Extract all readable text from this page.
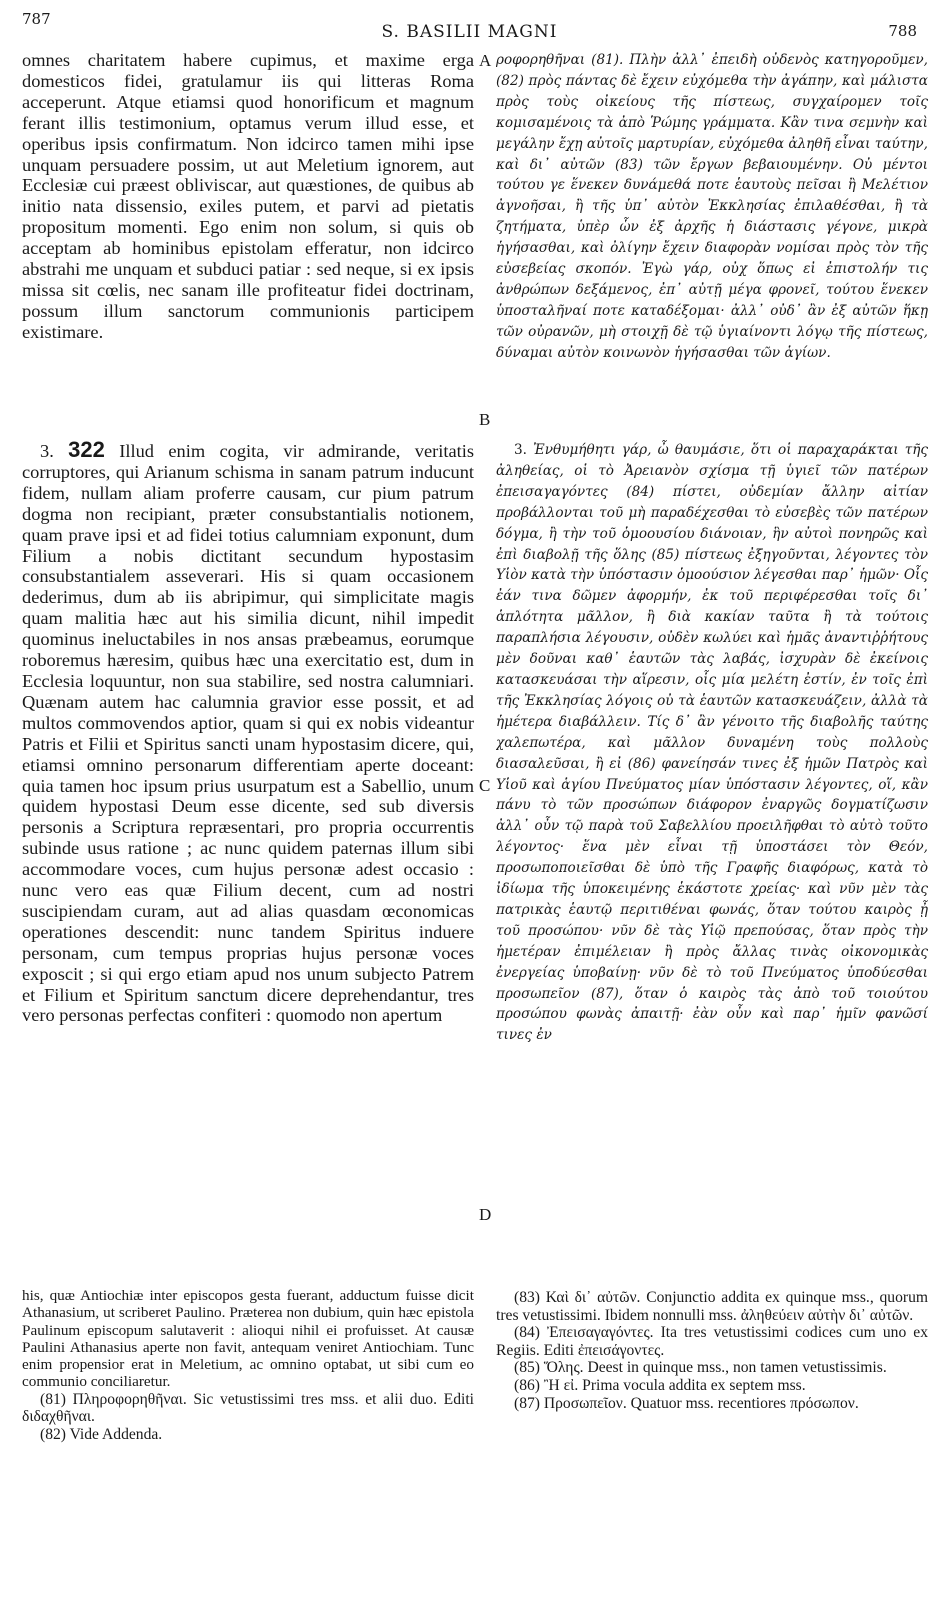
787
S. BASILII MAGNI	788
omnes charitatem habere cupimus, et maxime erga domesticos fidei, gratulamur iis qui litteras Roma acceperunt. Atque etiamsi quod honorificum et magnum ferant illis testimonium, optamus verum illud esse, et operibus ipsis confirmatum. Non idcirco tamen mihi ipse unquam persuadere possim, ut aut Meletium ignorem, aut Ecclesiæ cui præest obliviscar, aut quæstiones, de quibus ab initio nata dissensio, exiles putem, et parvi ad pietatis propositum momenti. Ego enim non solum, si quis ob acceptam ab hominibus epistolam efferatur, non idcirco abstrahi me unquam et subduci patiar : sed neque, si ex ipsis missa sit cœlis, nec sanam ille profiteatur fidei doctrinam, possum illum sanctorum communionis participem existimare.
3. 322 Illud enim cogita, vir admirande, veritatis corruptores, qui Arianum schisma in sanam patrum inducunt fidem, nullam aliam proferre causam, cur pium patrum dogma non recipiant, præter consubstantialis notionem, quam prave ipsi et ad fidei totius calumniam exponunt, dum Filium a nobis dictitant secundum hypostasim consubstantialem asseverari. His si quam occasionem dederimus, dum ab iis abripimur, qui simplicitate magis quam malitia hæc aut his similia dicunt, nihil impedit quominus ineluctabiles in nos ansas præbeamus, eorumque roboremus hæresim, quibus hæc una exercitatio est, dum in Ecclesia loquuntur, non sua stabilire, sed nostra calumniari. Quænam autem hac calumnia gravior esse possit, et ad multos commovendos aptior, quam si qui ex nobis videantur Patris et Filii et Spiritus sancti unam hypostasim dicere, qui, etiamsi omnino personarum differentiam aperte doceant: quia tamen hoc ipsum prius usurpatum est a Sabellio, unum quidem hypostasi Deum esse dicente, sed sub diversis personis a Scriptura repræsentari, pro propria occurrentis subinde usus ratione ; ac nunc quidem paternas illum sibi accommodare voces, cum hujus personæ adest occasio : nunc vero eas quæ Filium decent, cum ad nostri suscipiendam curam, aut ad alias quasdam œconomicas operationes descendit: nunc tandem Spiritus induere personam, cum tempus proprias hujus personæ voces exposcit ; si qui ergo etiam apud nos unum subjecto Patrem et Filium et Spiritum sanctum dicere deprehendantur, tres vero personas perfectas confiteri : quomodo non apertum
A
B
C
D
ροφορηθῆναι (81). Πλὴν ἀλλ᾽ ἐπειδὴ οὐδενὸς κατηγοροῦμεν, (82) πρὸς πάντας δὲ ἔχειν εὐχόμεθα τὴν ἀγάπην, καὶ μάλιστα πρὸς τοὺς οἰκείους τῆς πίστεως, συγχαίρομεν τοῖς κομισαμένοις τὰ ἀπὸ Ῥώμης γράμματα. Κἂν τινα σεμνὴν καὶ μεγάλην ἔχῃ αὐτοῖς μαρτυρίαν, εὐχόμεθα ἀληθῆ εἶναι ταύτην, καὶ δι᾽ αὐτῶν (83) τῶν ἔργων βεβαιουμένην. Οὐ μέντοι τούτου γε ἕνεκεν δυνάμεθά ποτε ἑαυτοὺς πεῖσαι ἢ Μελέτιον ἀγνοῆσαι, ἢ τῆς ὑπ᾽ αὐτὸν Ἐκκλησίας ἐπιλαθέσθαι, ἢ τὰ ζητήματα, ὑπὲρ ὧν ἐξ ἀρχῆς ἡ διάστασις γέγονε, μικρὰ ἡγήσασθαι, καὶ ὀλίγην ἔχειν διαφορὰν νομίσαι πρὸς τὸν τῆς εὐσεβείας σκοπόν. Ἐγὼ γάρ, οὐχ ὅπως εἰ ἐπιστολήν τις ἀνθρώπων δεξάμενος, ἐπ᾽ αὐτῇ μέγα φρονεῖ, τούτου ἕνεκεν ὑποσταλῆναί ποτε καταδέξομαι· ἀλλ᾽ οὐδ᾽ ἂν ἐξ αὐτῶν ἥκῃ τῶν οὐρανῶν, μὴ στοιχῇ δὲ τῷ ὑγιαίνοντι λόγῳ τῆς πίστεως, δύναμαι αὐτὸν κοινωνὸν ἡγήσασθαι τῶν ἁγίων.
3. Ἐνθυμήθητι γάρ, ὦ θαυμάσιε, ὅτι οἱ παραχαράκται τῆς ἀληθείας, οἱ τὸ Ἀρειανὸν σχίσμα τῇ ὑγιεῖ τῶν πατέρων ἐπεισαγαγόντες (84) πίστει, οὐδεμίαν ἄλλην αἰτίαν προβάλλονται τοῦ μὴ παραδέχεσθαι τὸ εὐσεβὲς τῶν πατέρων δόγμα, ἢ τὴν τοῦ ὁμοουσίου διάνοιαν, ἣν αὐτοὶ πονηρῶς καὶ ἐπὶ διαβολῇ τῆς ὅλης (85) πίστεως ἐξηγοῦνται, λέγοντες τὸν Υἱὸν κατὰ τὴν ὑπόστασιν ὁμοούσιον λέγεσθαι παρ᾽ ἡμῶν· Οἷς ἐάν τινα δῶμεν ἀφορμήν, ἐκ τοῦ περιφέρεσθαι τοῖς δι᾽ ἁπλότητα μᾶλλον, ἢ διὰ κακίαν ταῦτα ἢ τὰ τούτοις παραπλήσια λέγουσιν, οὐδὲν κωλύει καὶ ἡμᾶς ἀναντιῤῥήτους μὲν δοῦναι καθ᾽ ἑαυτῶν τὰς λαβάς, ἰσχυρὰν δὲ ἐκείνοις κατασκευάσαι τὴν αἵρεσιν, οἷς μία μελέτη ἐστίν, ἐν τοῖς ἐπὶ τῆς Ἐκκλησίας λόγοις οὐ τὰ ἑαυτῶν κατασκευάζειν, ἀλλὰ τὰ ἡμέτερα διαβάλλειν. Τίς δ᾽ ἂν γένοιτο τῆς διαβολῆς ταύτης χαλεπωτέρα, καὶ μᾶλλον δυναμένη τοὺς πολλοὺς διασαλεῦσαι, ἢ εἰ (86) φανείησάν τινες ἐξ ἡμῶν Πατρὸς καὶ Υἱοῦ καὶ ἁγίου Πνεύματος μίαν ὑπόστασιν λέγοντες, οἵ, κἂν πάνυ τὸ τῶν προσώπων διάφορον ἐναργῶς δογματίζωσιν ἀλλ᾽ οὖν τῷ παρὰ τοῦ Σαβελλίου προειλῆφθαι τὸ αὐτὸ τοῦτο λέγοντος· ἕνα μὲν εἶναι τῇ ὑποστάσει τὸν Θεόν, προσωποποιεῖσθαι δὲ ὑπὸ τῆς Γραφῆς διαφόρως, κατὰ τὸ ἰδίωμα τῆς ὑποκειμένης ἑκάστοτε χρείας· καὶ νῦν μὲν τὰς πατρικὰς ἑαυτῷ περιτιθέναι φωνάς, ὅταν τούτου καιρὸς ᾖ τοῦ προσώπου· νῦν δὲ τὰς Υἱῷ πρεπούσας, ὅταν πρὸς τὴν ἡμετέραν ἐπιμέλειαν ἢ πρὸς ἄλλας τινὰς οἰκονομικὰς ἐνεργείας ὑποβαίνῃ· νῦν δὲ τὸ τοῦ Πνεύματος ὑποδύεσθαι προσωπεῖον (87), ὅταν ὁ καιρὸς τὰς ἀπὸ τοῦ τοιούτου προσώπου φωνὰς ἀπαιτῇ· ἐὰν οὖν καὶ παρ᾽ ἡμῖν φανῶσί τινες ἐν

his, quæ Antiochiæ inter episcopos gesta fuerant, adductum fuisse dicit Athanasium, ut scriberet Paulino. Præterea non dubium, quin hæc epistola Paulinum episcopum salutaverit : alioqui nihil ei profuisset. At causæ Paulini Athanasius aperte non favit, antequam veniret Antiochiam. Tunc enim propensior erat in Meletium, ac omnino optabat, ut sibi cum eo communio conciliaretur.

(81) Πληροφορηθῆναι. Sic vetustissimi tres mss. et alii duo. Editi διδαχθῆναι.

(82) Vide Addenda.

(83) Καὶ δι᾽ αὐτῶν. Conjunctio addita ex quinque mss., quorum tres vetustissimi. Ibidem nonnulli mss. ἀληθεύειν αὐτὴν δι᾽ αὐτῶν.

(84) Ἐπεισαγαγόντες. Ita tres vetustissimi codices cum uno ex Regiis. Editi ἐπεισάγοντες.

(85) Ὅλης. Deest in quinque mss., non tamen vetustissimis.

(86) Ἢ εἰ. Prima vocula addita ex septem mss.

(87) Προσωπεῖον. Quatuor mss. recentiores πρόσωπον.
